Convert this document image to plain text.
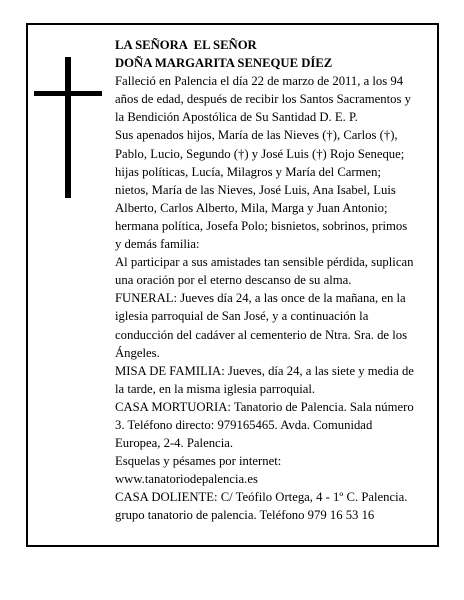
LA SEÑORA  EL SEÑOR

DOÑA MARGARITA SENEQUE DÍEZ

Falleció en Palencia el día 22 de marzo de 2011, a los 94 años de edad, después de recibir los Santos Sacramentos y la Bendición Apostólica de Su Santidad D. E. P.

Sus apenados hijos, María de las Nieves (†), Carlos (†), Pablo, Lucio, Segundo (†) y José Luis (†) Rojo Seneque; hijas políticas, Lucía, Milagros y María del Carmen; nietos, María de las Nieves, José Luis, Ana Isabel, Luis Alberto, Carlos Alberto, Mila, Marga y Juan Antonio; hermana política, Josefa Polo; bisnietos, sobrinos, primos y demás familia:

Al participar a sus amistades tan sensible pérdida, suplican una oración por el eterno descanso de su alma.

FUNERAL: Jueves día 24, a las once de la mañana, en la iglesia parroquial de San José, y a continuación la conducción del cadáver al cementerio de Ntra. Sra. de los Ángeles.

MISA DE FAMILIA: Jueves, día 24, a las siete y media de la tarde, en la misma iglesia parroquial.

CASA MORTUORIA: Tanatorio de Palencia. Sala número 3. Teléfono directo: 979165465. Avda. Comunidad Europea, 2-4. Palencia.

Esquelas y pésames por internet:

www.tanatoriodepalencia.es

CASA DOLIENTE: C/ Teófilo Ortega, 4 - 1º C. Palencia.

grupo tanatorio de palencia. Teléfono 979 16 53 16
